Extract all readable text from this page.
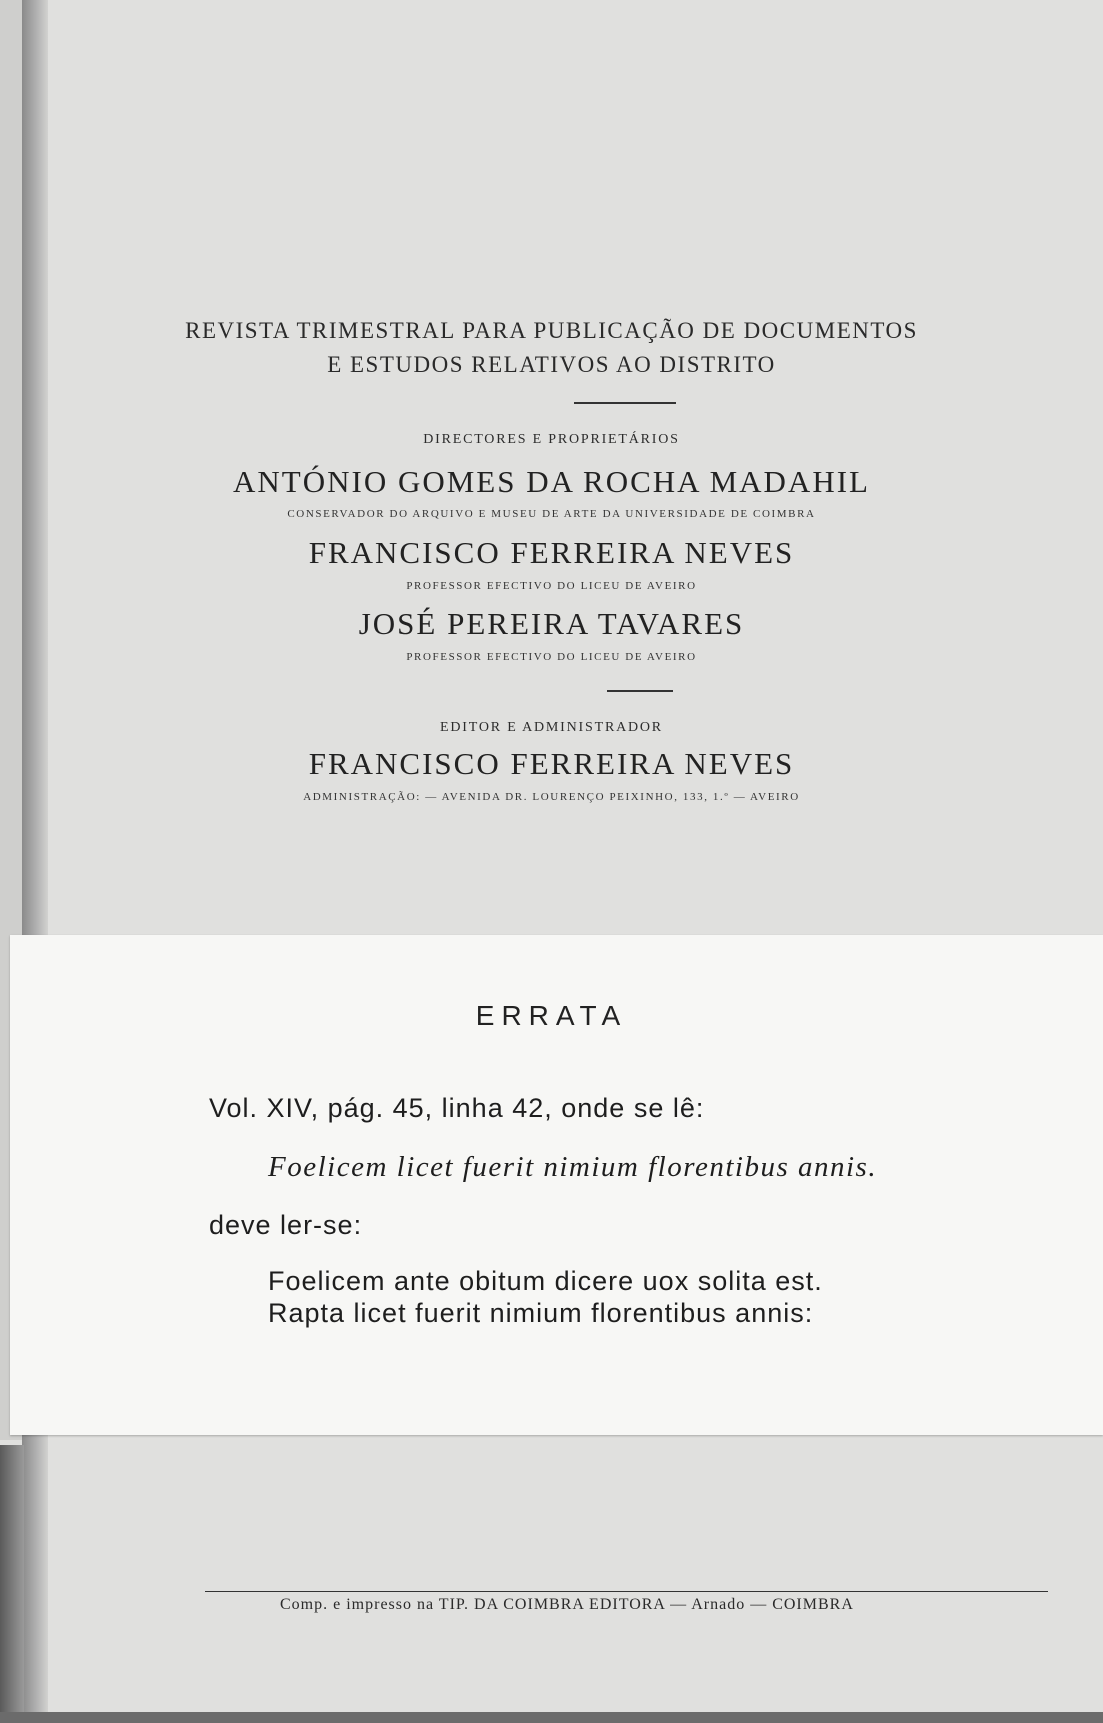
REVISTA TRIMESTRAL PARA PUBLICAÇÃO DE DOCUMENTOS
E ESTUDOS RELATIVOS AO DISTRITO
DIRECTORES E PROPRIETÁRIOS
ANTÓNIO GOMES DA ROCHA MADAHIL
CONSERVADOR DO ARQUIVO E MUSEU DE ARTE DA UNIVERSIDADE DE COIMBRA
FRANCISCO FERREIRA NEVES
PROFESSOR EFECTIVO DO LICEU DE AVEIRO
JOSÉ PEREIRA TAVARES
PROFESSOR EFECTIVO DO LICEU DE AVEIRO
EDITOR E ADMINISTRADOR
FRANCISCO FERREIRA NEVES
ADMINISTRAÇÃO: — AVENIDA DR. LOURENÇO PEIXINHO, 133, 1.º — AVEIRO
ERRATA
Vol. XIV, pág. 45, linha 42, onde se lê:
Foelicem licet fuerit nimium florentibus annis.
deve ler-se:
Foelicem ante obitum dicere uox solita est.
Rapta licet fuerit nimium florentibus annis:
Comp. e impresso na TIP. DA COIMBRA EDITORA — Arnado — COIMBRA
